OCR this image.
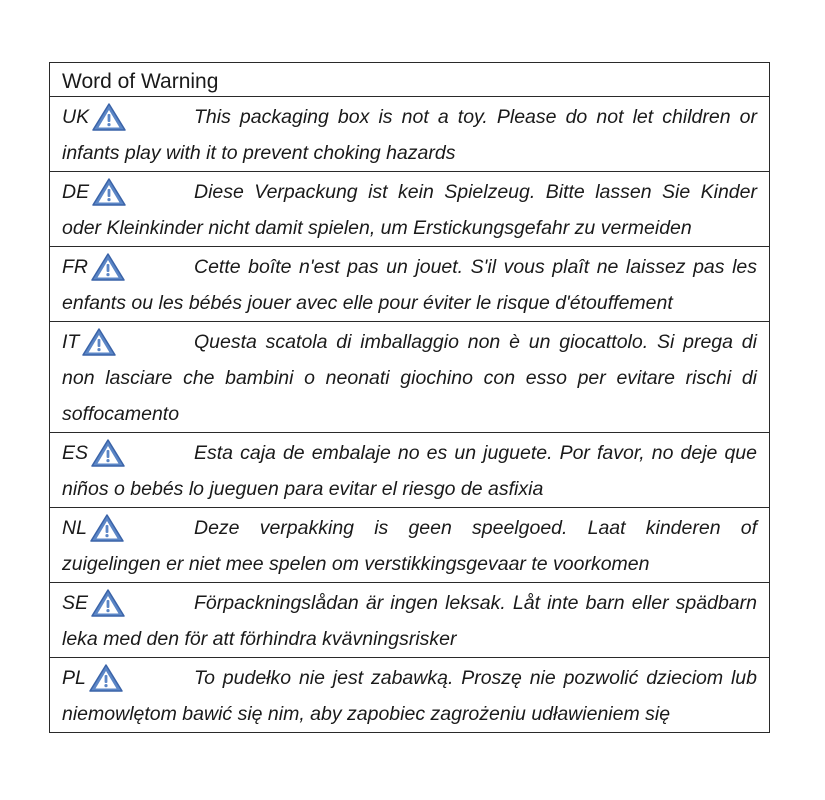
Word of Warning
UK	This packaging box is not a toy. Please do not let children or infants play with it to prevent choking hazards
DE	Diese Verpackung ist kein Spielzeug. Bitte lassen Sie Kinder oder Kleinkinder nicht damit spielen, um Erstickungsgefahr zu vermeiden
FR	Cette boîte n'est pas un jouet. S'il vous plaît ne laissez pas les enfants ou les bébés jouer avec elle pour éviter le risque d'étouffement
IT	Questa scatola di imballaggio non è un giocattolo. Si prega di non lasciare che bambini o neonati giochino con esso per evitare rischi di soffocamento
ES	Esta caja de embalaje no es un juguete. Por favor, no deje que niños o bebés lo jueguen para evitar el riesgo de asfixia
NL	Deze verpakking is geen speelgoed. Laat kinderen of zuigelingen er niet mee spelen om verstikkingsgevaar te voorkomen
SE	Förpackningslådan är ingen leksak. Låt inte barn eller spädbarn leka med den för att förhindra kvävningsrisker
PL	To pudełko nie jest zabawką. Proszę nie pozwolić dzieciom lub niemowlętom bawić się nim, aby zapobiec zagrożeniu udławieniem się
